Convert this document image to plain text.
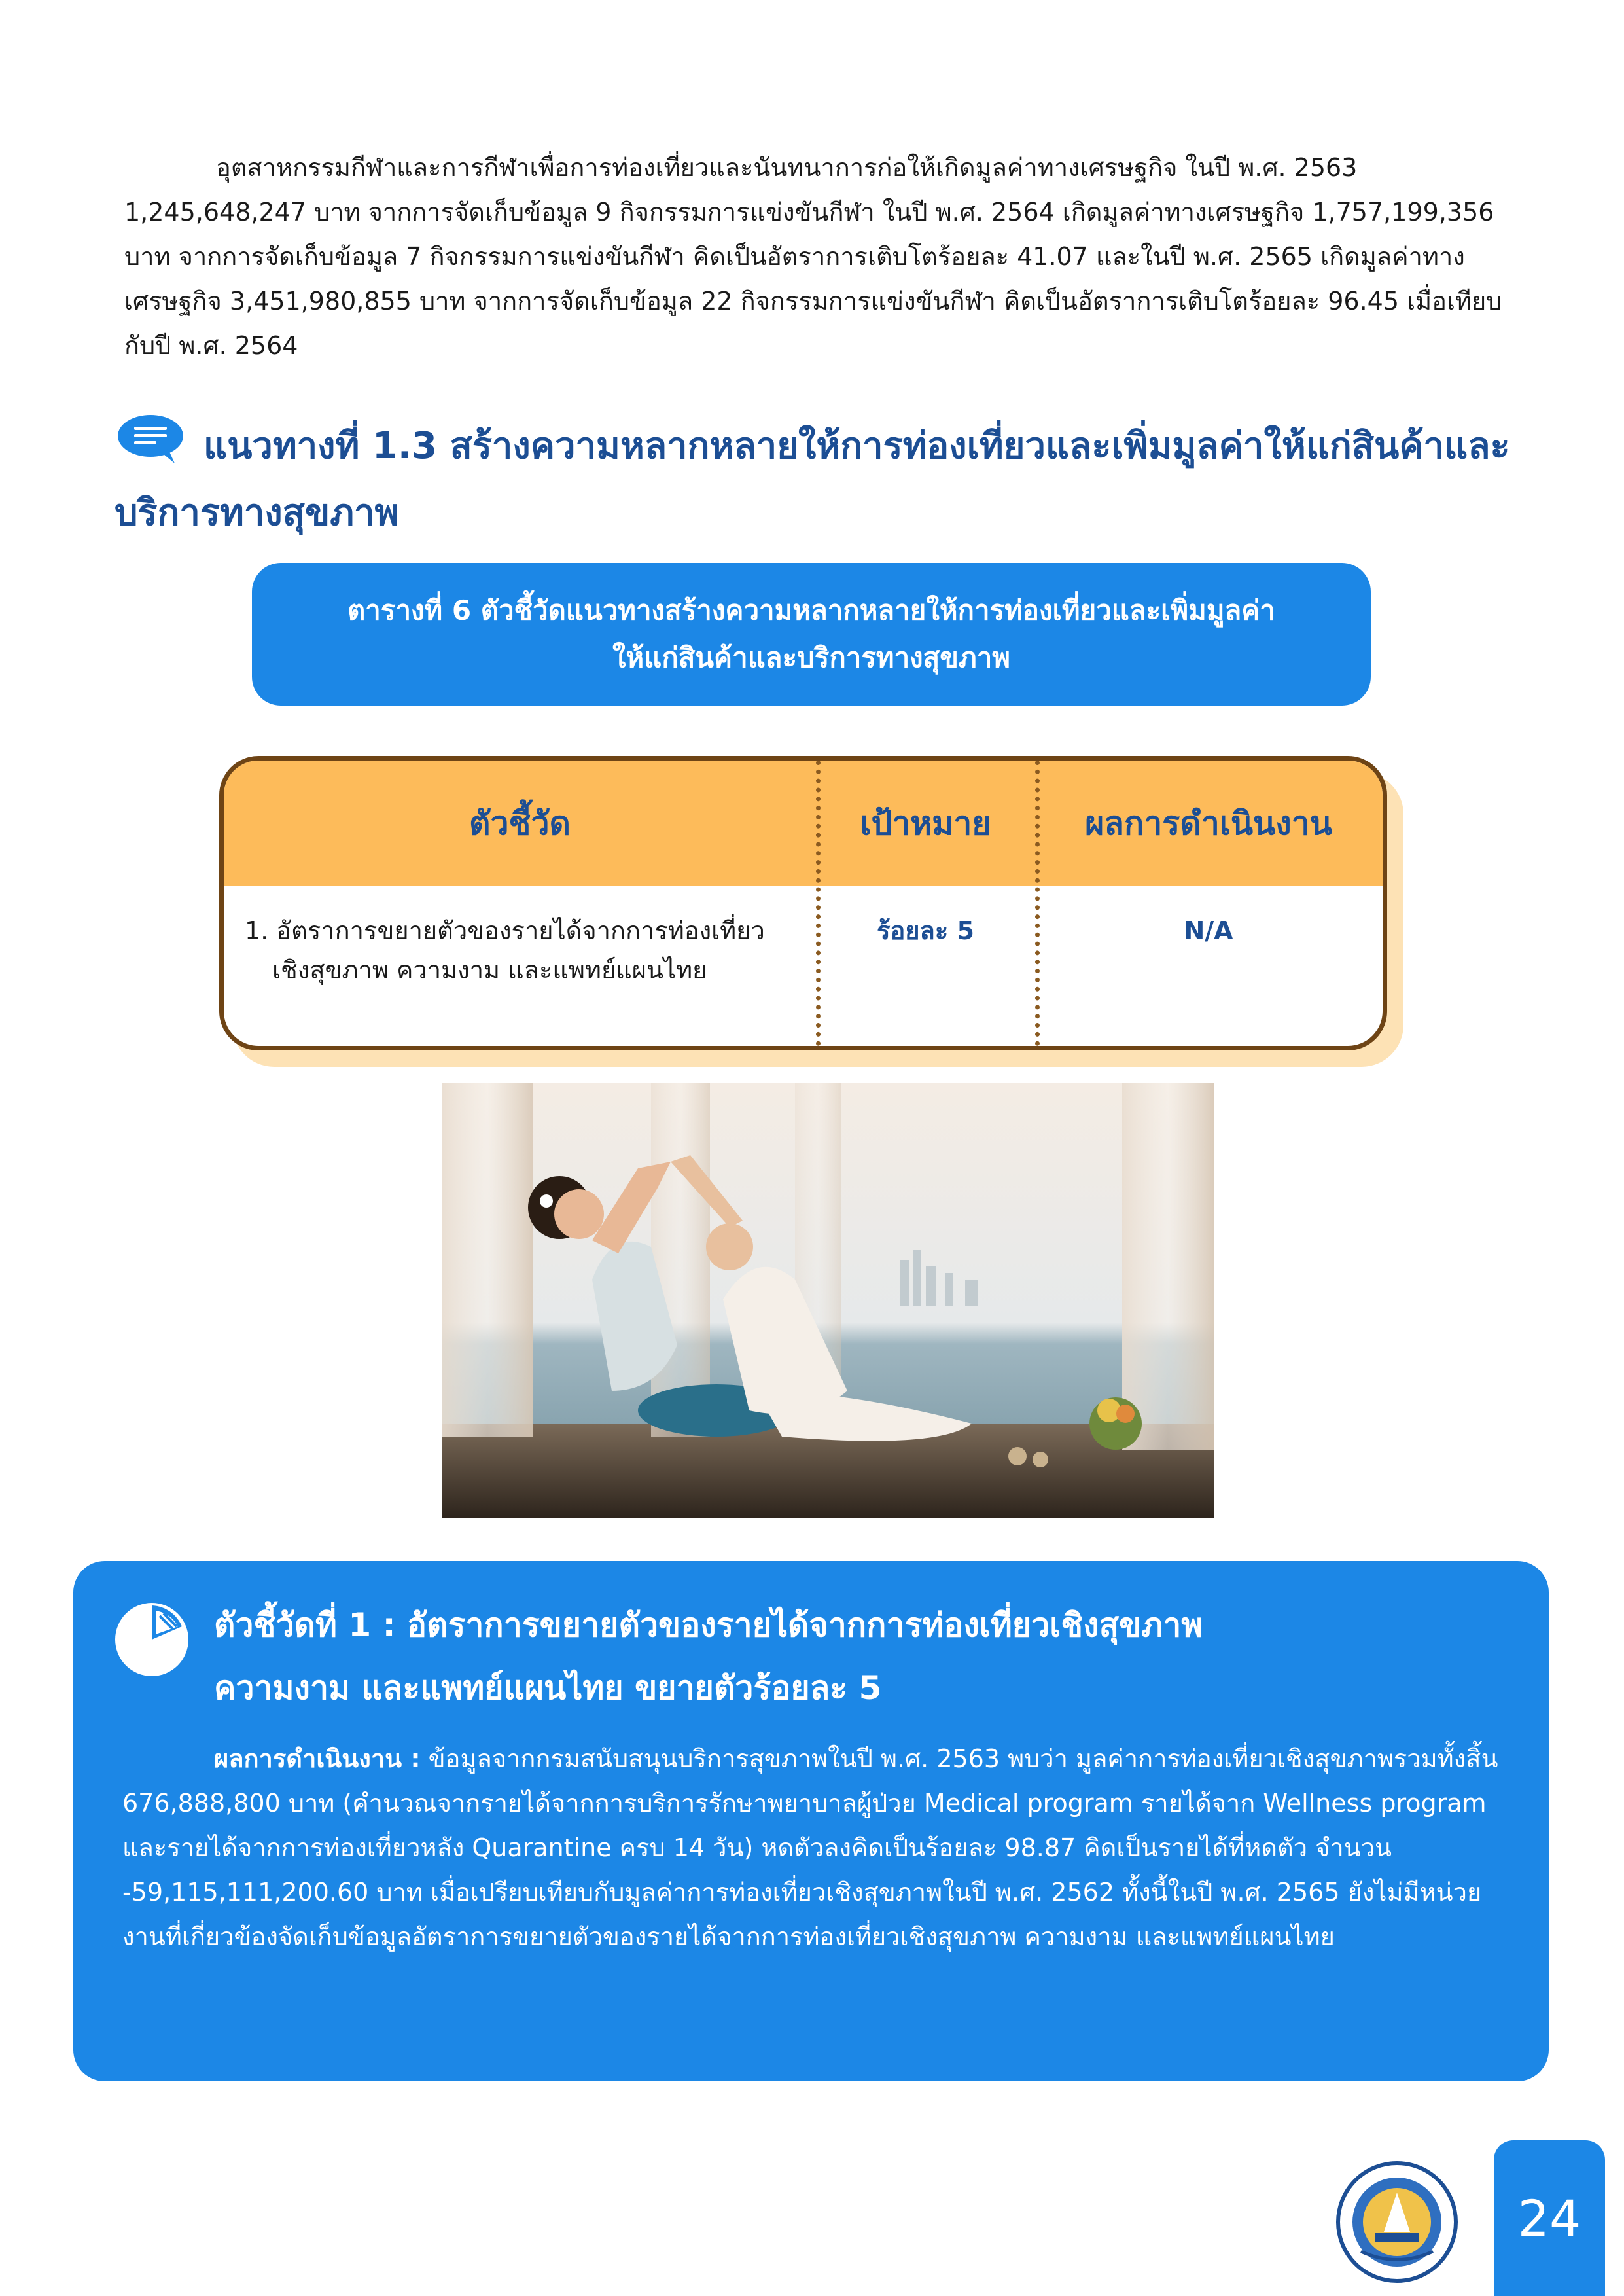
อุตสาหกรรมกีฬาและการกีฬาเพื่อการท่องเที่ยวและนันทนาการก่อให้เกิดมูลค่าทางเศรษฐกิจ ในปี พ.ศ. 2563 1,245,648,247 บาท จากการจัดเก็บข้อมูล 9 กิจกรรมการแข่งขันกีฬา ในปี พ.ศ. 2564 เกิดมูลค่าทางเศรษฐกิจ 1,757,199,356 บาท จากการจัดเก็บข้อมูล 7 กิจกรรมการแข่งขันกีฬา คิดเป็นอัตราการเติบโตร้อยละ 41.07 และในปี พ.ศ. 2565 เกิดมูลค่าทางเศรษฐกิจ 3,451,980,855 บาท จากการจัดเก็บข้อมูล 22 กิจกรรมการแข่งขันกีฬา คิดเป็นอัตราการเติบโตร้อยละ 96.45 เมื่อเทียบกับปี พ.ศ. 2564

แนวทางที่ 1.3 สร้างความหลากหลายให้การท่องเที่ยวและเพิ่มมูลค่าให้แก่สินค้าและบริการทางสุขภาพ
ตารางที่ 6 ตัวชี้วัดแนวทางสร้างความหลากหลายให้การท่องเที่ยวและเพิ่มมูลค่า
ให้แก่สินค้าและบริการทางสุขภาพ
ตัวชี้วัด	เป้าหมาย	ผลการดำเนินงาน
1. อัตราการขยายตัวของรายได้จากการท่องเที่ยว
เชิงสุขภาพ ความงาม และแพทย์แผนไทย
ร้อยละ 5	N/A
ตัวชี้วัดที่ 1 : อัตราการขยายตัวของรายได้จากการท่องเที่ยวเชิงสุขภาพ
ความงาม และแพทย์แผนไทย ขยายตัวร้อยละ 5
ผลการดำเนินงาน : ข้อมูลจากกรมสนับสนุนบริการสุขภาพในปี พ.ศ. 2563 พบว่า มูลค่าการท่องเที่ยวเชิงสุขภาพรวมทั้งสิ้น 676,888,800 บาท (คำนวณจากรายได้จากการบริการรักษาพยาบาลผู้ป่วย Medical program รายได้จาก Wellness program และรายได้จากการท่องเที่ยวหลัง Quarantine ครบ 14 วัน) หดตัวลงคิดเป็นร้อยละ 98.87 คิดเป็นรายได้ที่หดตัว จำนวน -59,115,111,200.60 บาท เมื่อเปรียบเทียบกับมูลค่าการท่องเที่ยวเชิงสุขภาพในปี พ.ศ. 2562 ทั้งนี้ในปี พ.ศ. 2565 ยังไม่มีหน่วยงานที่เกี่ยวข้องจัดเก็บข้อมูลอัตราการขยายตัวของรายได้จากการท่องเที่ยวเชิงสุขภาพ ความงาม และแพทย์แผนไทย
24
